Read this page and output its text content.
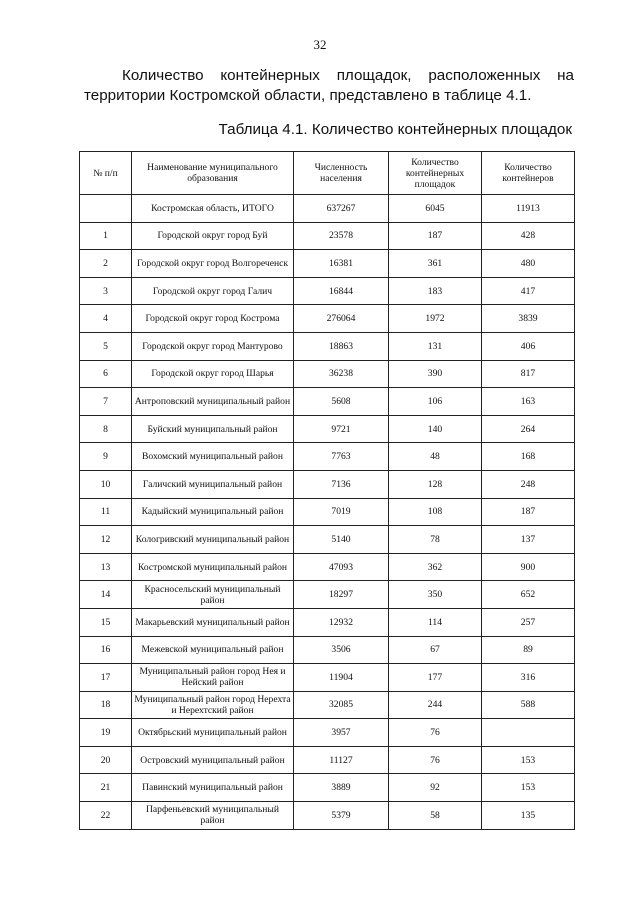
32

Количество контейнерных площадок, расположенных на территории Костромской области, представлено в таблице 4.1.

Таблица 4.1. Количество контейнерных площадок
№ п/п	Наименование муниципального образования	Численность населения	Количество контейнерных площадок	Количество контейнеров
	Костромская область, ИТОГО	637267	6045	11913
1	Городской округ город Буй	23578	187	428
2	Городской округ город Волгореченск	16381	361	480
3	Городской округ город Галич	16844	183	417
4	Городской округ город Кострома	276064	1972	3839
5	Городской округ город Мантурово	18863	131	406
6	Городской округ город Шарья	36238	390	817
7	Антроповский муниципальный район	5608	106	163
8	Буйский муниципальный район	9721	140	264
9	Вохомский муниципальный район	7763	48	168
10	Галичский муниципальный район	7136	128	248
11	Кадыйский муниципальный район	7019	108	187
12	Кологривский муниципальный район	5140	78	137
13	Костромской муниципальный район	47093	362	900
14	Красносельский муниципальный район	18297	350	652
15	Макарьевский муниципальный район	12932	114	257
16	Межевской муниципальный район	3506	67	89
17	Муниципальный район город Нея и Нейский район	11904	177	316
18	Муниципальный район город Нерехта и Нерехтский район	32085	244	588
19	Октябрьский муниципальный район	3957	76	
20	Островский муниципальный район	11127	76	153
21	Павинский муниципальный район	3889	92	153
22	Парфеньевский муниципальный район	5379	58	135
